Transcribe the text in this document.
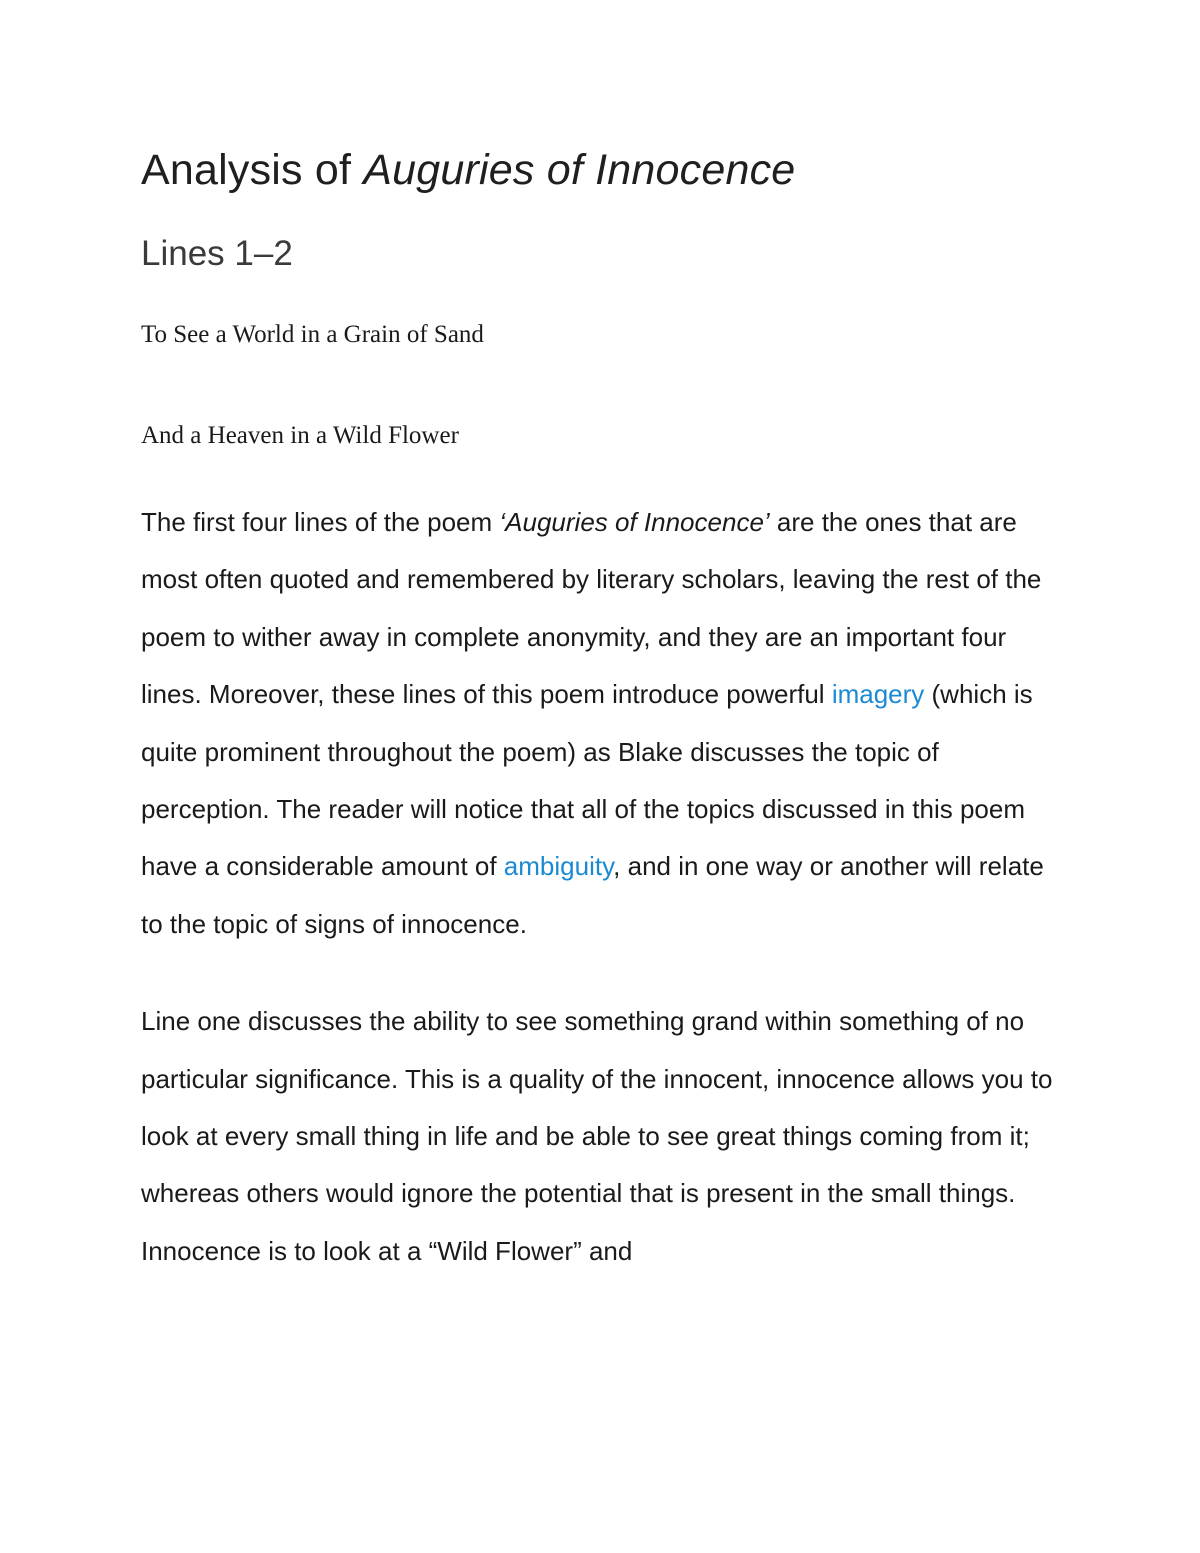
Analysis of Auguries of Innocence
Lines 1–2

To See a World in a Grain of Sand

And a Heaven in a Wild Flower

The first four lines of the poem ‘Auguries of Innocence’ are the ones that are most often quoted and remembered by literary scholars, leaving the rest of the poem to wither away in complete anonymity, and they are an important four lines. Moreover, these lines of this poem introduce powerful imagery (which is quite prominent throughout the poem) as Blake discusses the topic of perception. The reader will notice that all of the topics discussed in this poem have a considerable amount of ambiguity, and in one way or another will relate to the topic of signs of innocence.

Line one discusses the ability to see something grand within something of no particular significance. This is a quality of the innocent, innocence allows you to look at every small thing in life and be able to see great things coming from it; whereas others would ignore the potential that is present in the small things. Innocence is to look at a “Wild Flower” and
